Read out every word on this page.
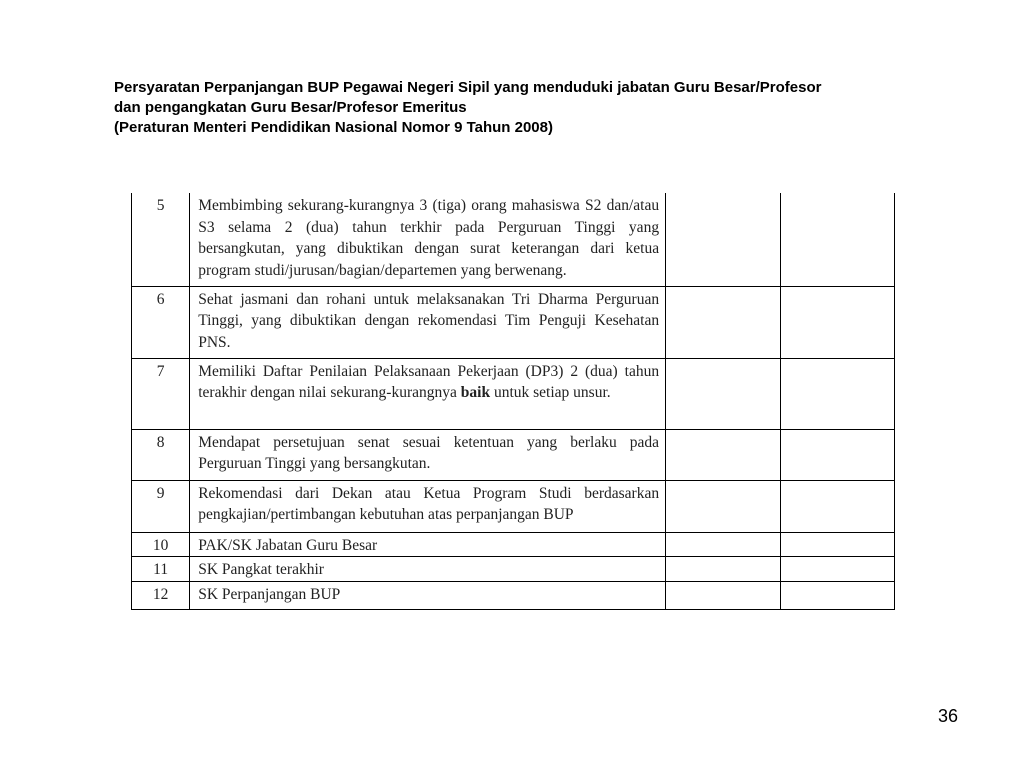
Persyaratan Perpanjangan BUP Pegawai Negeri Sipil yang menduduki jabatan Guru Besar/Profesor
dan pengangkatan Guru Besar/Profesor Emeritus
(Peraturan Menteri Pendidikan Nasional Nomor 9 Tahun 2008)
5	Membimbing sekurang-kurangnya 3 (tiga) orang mahasiswa S2 dan/atau S3 selama 2 (dua) tahun terkhir pada Perguruan Tinggi yang bersangkutan, yang dibuktikan dengan surat keterangan dari ketua program studi/jurusan/bagian/departemen yang berwenang.		
6	Sehat jasmani dan rohani untuk melaksanakan Tri Dharma Perguruan Tinggi, yang dibuktikan dengan rekomendasi Tim Penguji Kesehatan PNS.		
7	Memiliki Daftar Penilaian Pelaksanaan Pekerjaan (DP3) 2 (dua) tahun terakhir dengan nilai sekurang-kurangnya baik untuk setiap unsur.		
8	Mendapat persetujuan senat sesuai ketentuan yang berlaku pada Perguruan Tinggi yang bersangkutan.		
9	Rekomendasi dari Dekan atau Ketua Program Studi berdasarkan pengkajian/pertimbangan kebutuhan atas perpanjangan BUP		
10	PAK/SK Jabatan Guru Besar		
11	SK Pangkat terakhir		
12	SK Perpanjangan BUP		
36
